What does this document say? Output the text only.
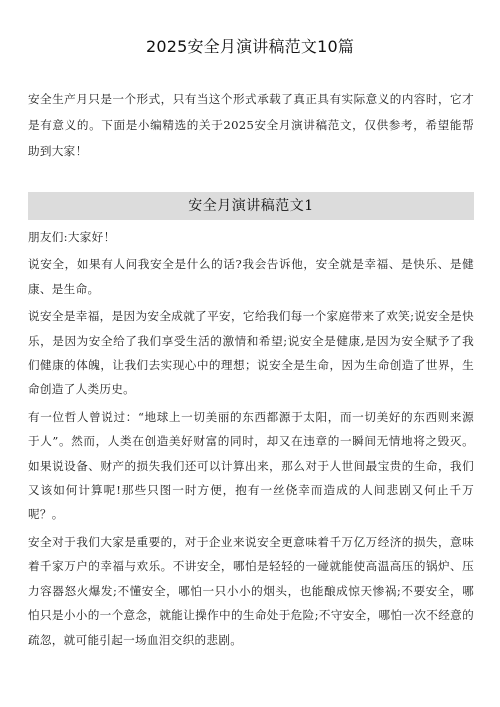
2025安全月演讲稿范文10篇
安全生产月只是一个形式，只有当这个形式承载了真正具有实际意义的内容时，它才是有意义的。下面是小编精选的关于2025安全月演讲稿范文，仅供参考，希望能帮助到大家！
安全月演讲稿范文1

朋友们:大家好！

说安全，如果有人问我安全是什么的话?我会告诉他，安全就是幸福、是快乐、是健康、是生命。

说安全是幸福，是因为安全成就了平安，它给我们每一个家庭带来了欢笑;说安全是快乐，是因为安全给了我们享受生活的激情和希望;说安全是健康,是因为安全赋予了我们健康的体魄，让我们去实现心中的理想；说安全是生命，因为生命创造了世界，生命创造了人类历史。

有一位哲人曾说过：“地球上一切美丽的东西都源于太阳，而一切美好的东西则来源于人”。然而，人类在创造美好财富的同时，却又在违章的一瞬间无情地将之毁灭。如果说设备、财产的损失我们还可以计算出来，那么对于人世间最宝贵的生命，我们又该如何计算呢!那些只图一时方便，抱有一丝侥幸而造成的人间悲剧又何止千万呢？。

安全对于我们大家是重要的，对于企业来说安全更意味着千万亿万经济的损失，意味着千家万户的幸福与欢乐。不讲安全，哪怕是轻轻的一碰就能使高温高压的锅炉、压力容器怒火爆发;不懂安全，哪怕一只小小的烟头，也能酿成惊天惨祸;不要安全，哪怕只是小小的一个意念，就能让操作中的生命处于危险;不守安全，哪怕一次不经意的疏忽，就可能引起一场血泪交织的悲剧。
